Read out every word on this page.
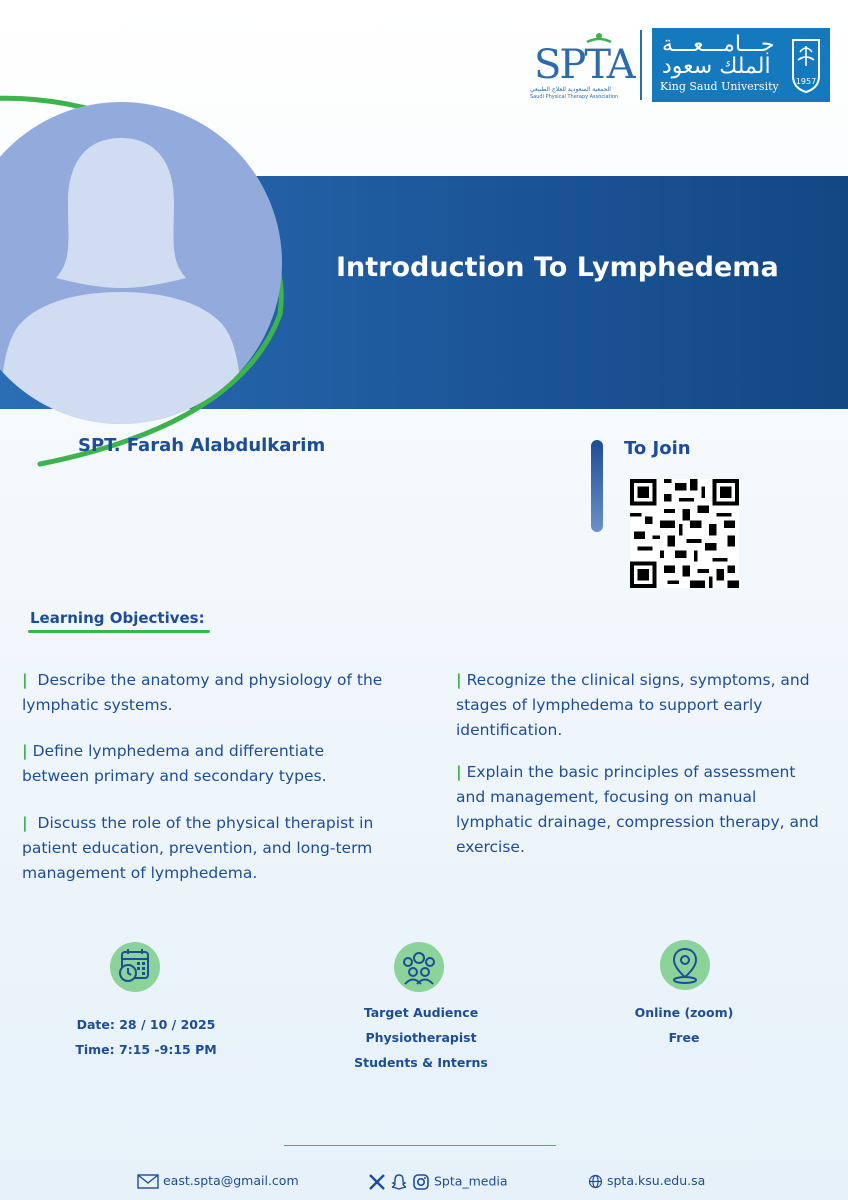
SPTA
الجمعية السعودية للعلاج الطبيعي
Saudi Physical Therapy Association
جـــامـــعـــة
الملك سعود
King Saud University 1957
Introduction To Lymphedema
SPT. Farah Alabdulkarim	To Join
Learning Objectives:
| Describe the anatomy and physiology of the lymphatic systems.
| Define lymphedema and differentiate between primary and secondary types.
| Discuss the role of the physical therapist in patient education, prevention, and long-term management of lymphedema.
| Recognize the clinical signs, symptoms, and stages of lymphedema to support early identification.
| Explain the basic principles of assessment and management, focusing on manual lymphatic drainage, compression therapy, and exercise.
Date: 28 / 10 / 2025
Time: 7:15 -9:15 PM
Target Audience
Physiotherapist
Students & Interns
Online (zoom)
Free
east.spta@gmail.com	Spta_media	spta.ksu.edu.sa
